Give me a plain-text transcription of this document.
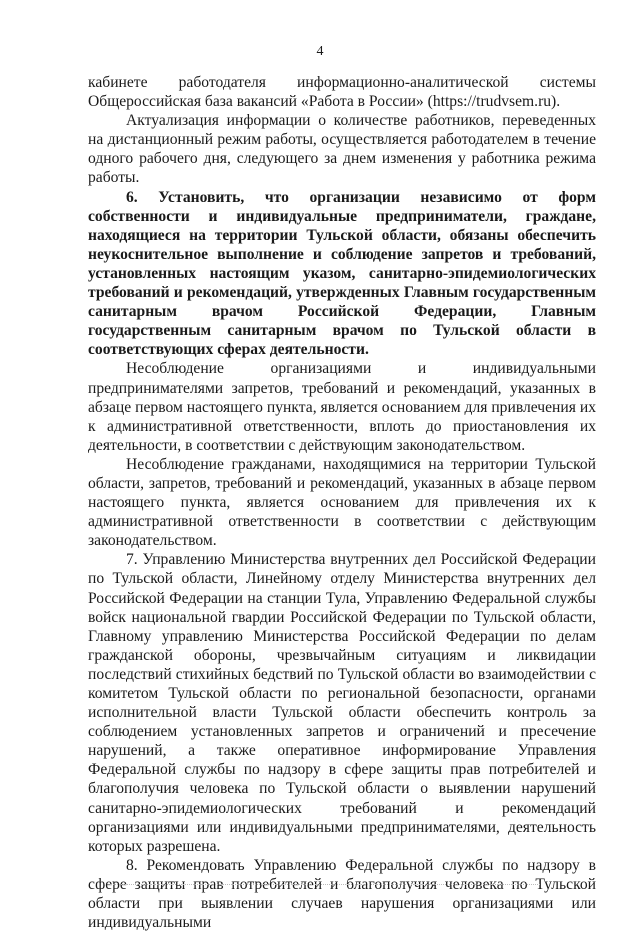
4

кабинете работодателя информационно-аналитической системы Общероссийская база вакансий «Работа в России» (https://trudvsem.ru).

Актуализация информации о количестве работников, переведенных на дистанционный режим работы, осуществляется работодателем в течение одного рабочего дня, следующего за днем изменения у работника режима работы.

6. Установить, что организации независимо от форм собственности и индивидуальные предприниматели, граждане, находящиеся на территории Тульской области, обязаны обеспечить неукоснительное выполнение и соблюдение запретов и требований, установленных настоящим указом, санитарно-эпидемиологических требований и рекомендаций, утвержденных Главным государственным санитарным врачом Российской Федерации, Главным государственным санитарным врачом по Тульской области в соответствующих сферах деятельности.

Несоблюдение организациями и индивидуальными предпринимателями запретов, требований и рекомендаций, указанных в абзаце первом настоящего пункта, является основанием для привлечения их к административной ответственности, вплоть до приостановления их деятельности, в соответствии с действующим законодательством.

Несоблюдение гражданами, находящимися на территории Тульской области, запретов, требований и рекомендаций, указанных в абзаце первом настоящего пункта, является основанием для привлечения их к административной ответственности в соответствии с действующим законодательством.

7. Управлению Министерства внутренних дел Российской Федерации по Тульской области, Линейному отделу Министерства внутренних дел Российской Федерации на станции Тула, Управлению Федеральной службы войск национальной гвардии Российской Федерации по Тульской области, Главному управлению Министерства Российской Федерации по делам гражданской обороны, чрезвычайным ситуациям и ликвидации последствий стихийных бедствий по Тульской области во взаимодействии с комитетом Тульской области по региональной безопасности, органами исполнительной власти Тульской области обеспечить контроль за соблюдением установленных запретов и ограничений и пресечение нарушений, а также оперативное информирование Управления Федеральной службы по надзору в сфере защиты прав потребителей и благополучия человека по Тульской области о выявлении нарушений санитарно-эпидемиологических требований и рекомендаций организациями или индивидуальными предпринимателями, деятельность которых разрешена.

8. Рекомендовать Управлению Федеральной службы по надзору в сфере защиты прав потребителей и благополучия человека по Тульской области при выявлении случаев нарушения организациями или индивидуальными
